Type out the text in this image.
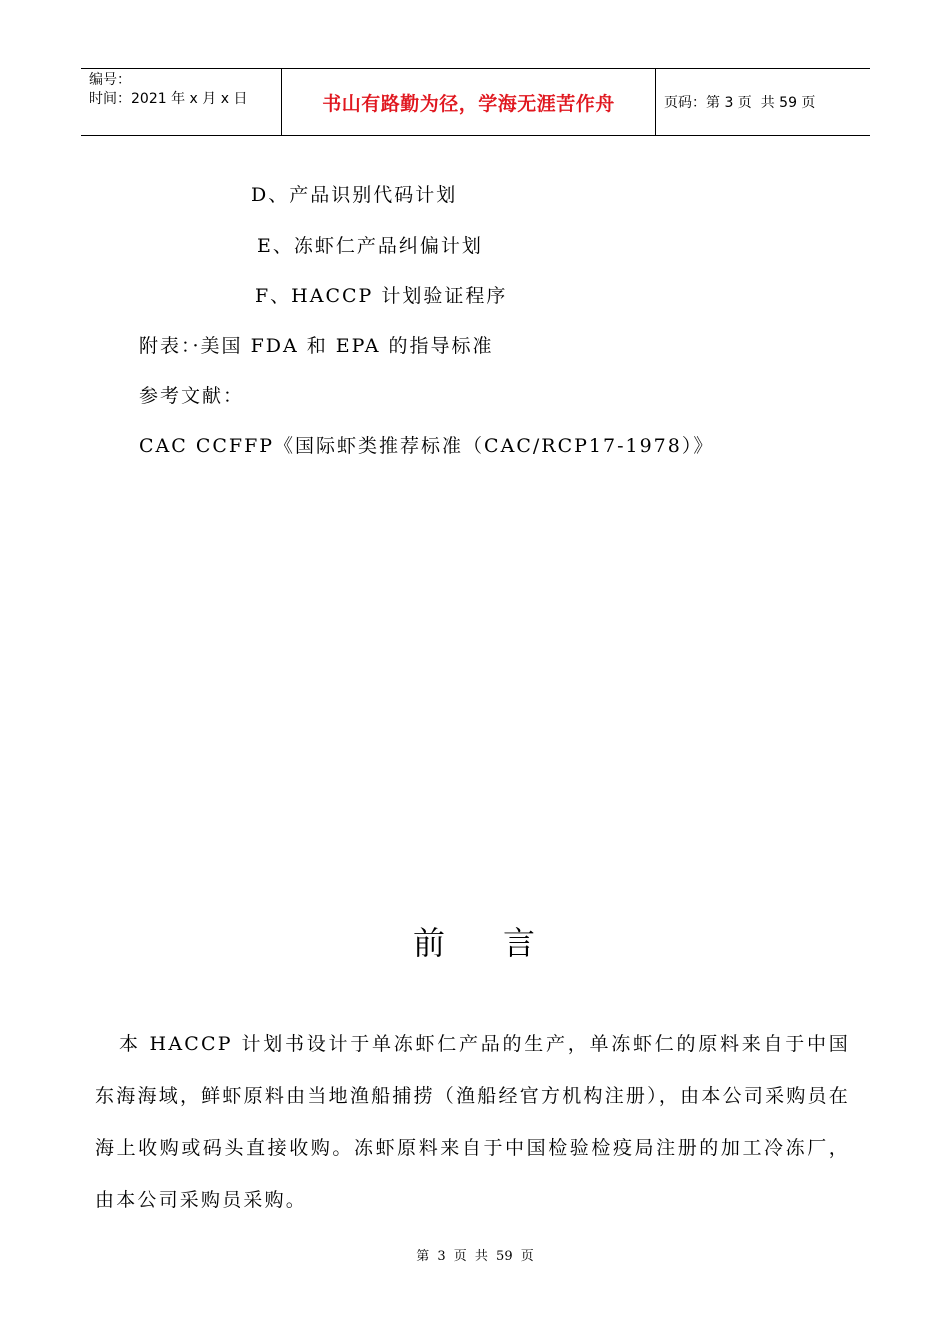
编号：
时间：2021 年 x 月 x 日	书山有路勤为径，学海无涯苦作舟	页码：第 3 页  共 59 页
D、产品识别代码计划
E、冻虾仁产品纠偏计划
F、HACCP 计划验证程序
附表：·美国 FDA 和 EPA 的指导标准
参考文献：
CAC CCFFP《国际虾类推荐标准（CAC/RCP17-1978）》
前 言
本 HACCP 计划书设计于单冻虾仁产品的生产，单冻虾仁的原料来自于中国东海海域，鲜虾原料由当地渔船捕捞（渔船经官方机构注册），由本公司采购员在海上收购或码头直接收购。冻虾原料来自于中国检验检疫局注册的加工冷冻厂，由本公司采购员采购。
第 3 页 共 59 页
